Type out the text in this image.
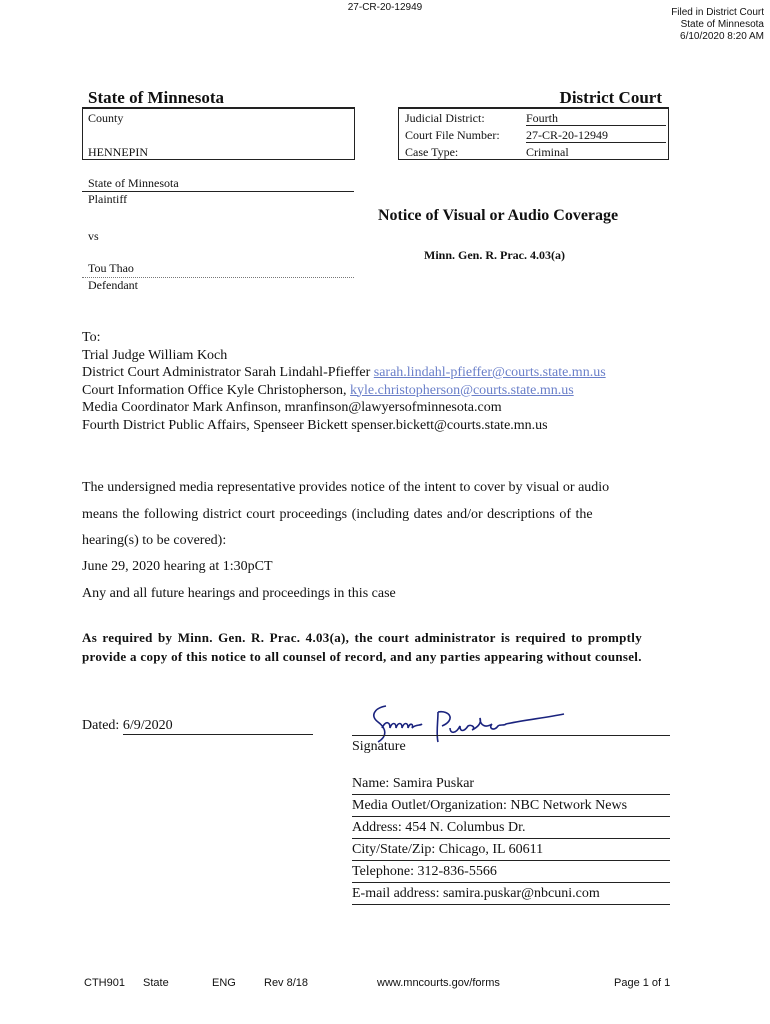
27-CR-20-12949	Filed in District Court
State of Minnesota
6/10/2020 8:20 AM
State of Minnesota	District Court
County
HENNEPIN
Judicial District:	Fourth
Court File Number: 27-CR-20-12949
Case Type:	Criminal
State of Minnesota
Plaintiff
vs
Tou Thao
Defendant
Notice of Visual or Audio Coverage
Minn. Gen. R. Prac. 4.03(a)
To:
Trial Judge William Koch
District Court Administrator Sarah Lindahl-Pfieffer sarah.lindahl-pfieffer@courts.state.mn.us
Court Information Office Kyle Christopherson, kyle.christopherson@courts.state.mn.us
Media Coordinator Mark Anfinson, mranfinson@lawyersofminnesota.com
Fourth District Public Affairs, Spenseer Bickett spenser.bickett@courts.state.mn.us
The undersigned media representative provides notice of the intent to cover by visual or audio
means the following district court proceedings (including dates and/or descriptions of the
hearing(s) to be covered):
June 29, 2020 hearing at 1:30pCT
Any and all future hearings and proceedings in this case
As required by Minn. Gen. R. Prac. 4.03(a), the court administrator is required to promptly provide a copy of this notice to all counsel of record, and any parties appearing without counsel.
Dated: 6/9/2020
Signature
Name: Samira Puskar
Media Outlet/Organization: NBC Network News
Address: 454 N. Columbus Dr.
City/State/Zip: Chicago, IL 60611
Telephone: 312-836-5566
E-mail address: samira.puskar@nbcuni.com
CTH901 State	ENG	Rev 8/18	www.mncourts.gov/forms	Page 1 of 1
